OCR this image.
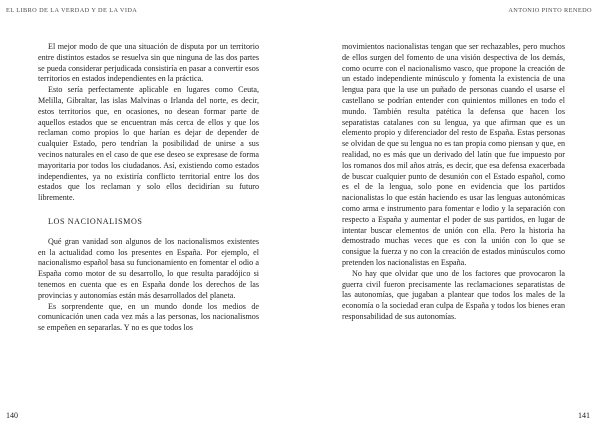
EL LIBRO DE LA VERDAD Y DE LA VIDA

El mejor modo de que una situación de disputa por un territorio entre distintos estados se resuelva sin que ninguna de las dos partes se pueda considerar perjudicada consistiría en pasar a convertir esos territorios en estados independientes en la práctica.

Esto sería perfectamente aplicable en lugares como Ceuta, Melilla, Gibraltar, las islas Malvinas o Irlanda del norte, es decir, estos territorios que, en ocasiones, no desean formar parte de aquellos estados que se encuentran más cerca de ellos y que los reclaman como propios lo que harían es dejar de depender de cualquier Estado, pero tendrían la posibilidad de unirse a sus vecinos naturales en el caso de que ese deseo se expresase de forma mayoritaria por todos los ciudadanos. Así, existiendo como estados independientes, ya no existiría conflicto territorial entre los dos estados que los reclaman y solo ellos decidirían su futuro libremente.

LOS NACIONALISMOS

Qué gran vanidad son algunos de los nacionalismos existentes en la actualidad como los presentes en España. Por ejemplo, el nacionalismo español basa su funcionamiento en fomentar el odio a España como motor de su desarrollo, lo que resulta paradójico si tenemos en cuenta que es en España donde los derechos de las provincias y autonomías están más desarrollados del planeta.

Es sorprendente que, en un mundo donde los medios de comunicación unen cada vez más a las personas, los nacionalismos se empeñen en separarlas. Y no es que todos los

140
ANTONIO PINTO RENEDO

movimientos nacionalistas tengan que ser rechazables, pero muchos de ellos surgen del fomento de una visión despectiva de los demás, como ocurre con el nacionalismo vasco, que propone la creación de un estado independiente minúsculo y fomenta la existencia de una lengua para que la use un puñado de personas cuando el usarse el castellano se podrían entender con quinientos millones en todo el mundo. También resulta patética la defensa que hacen los separatistas catalanes con su lengua, ya que afirman que es un elemento propio y diferenciador del resto de España. Estas personas se olvidan de que su lengua no es tan propia como piensan y que, en realidad, no es más que un derivado del latín que fue impuesto por los romanos dos mil años atrás, es decir, que esa defensa exacerbada de buscar cualquier punto de desunión con el Estado español, como es el de la lengua, solo pone en evidencia que los partidos nacionalistas lo que están haciendo es usar las lenguas autonómicas como arma e instrumento para fomentar e lodio y la separación con respecto a España y aumentar el poder de sus partidos, en lugar de intentar buscar elementos de unión con ella. Pero la historia ha demostrado muchas veces que es con la unión con lo que se consigue la fuerza y no con la creación de estados minúsculos como pretenden los nacionalistas en España.

No hay que olvidar que uno de los factores que provocaron la guerra civil fueron precisamente las reclamaciones separatistas de las autonomías, que jugaban a plantear que todos los males de la economía o la sociedad eran culpa de España y todos los bienes eran responsabilidad de sus autonomías.

141
